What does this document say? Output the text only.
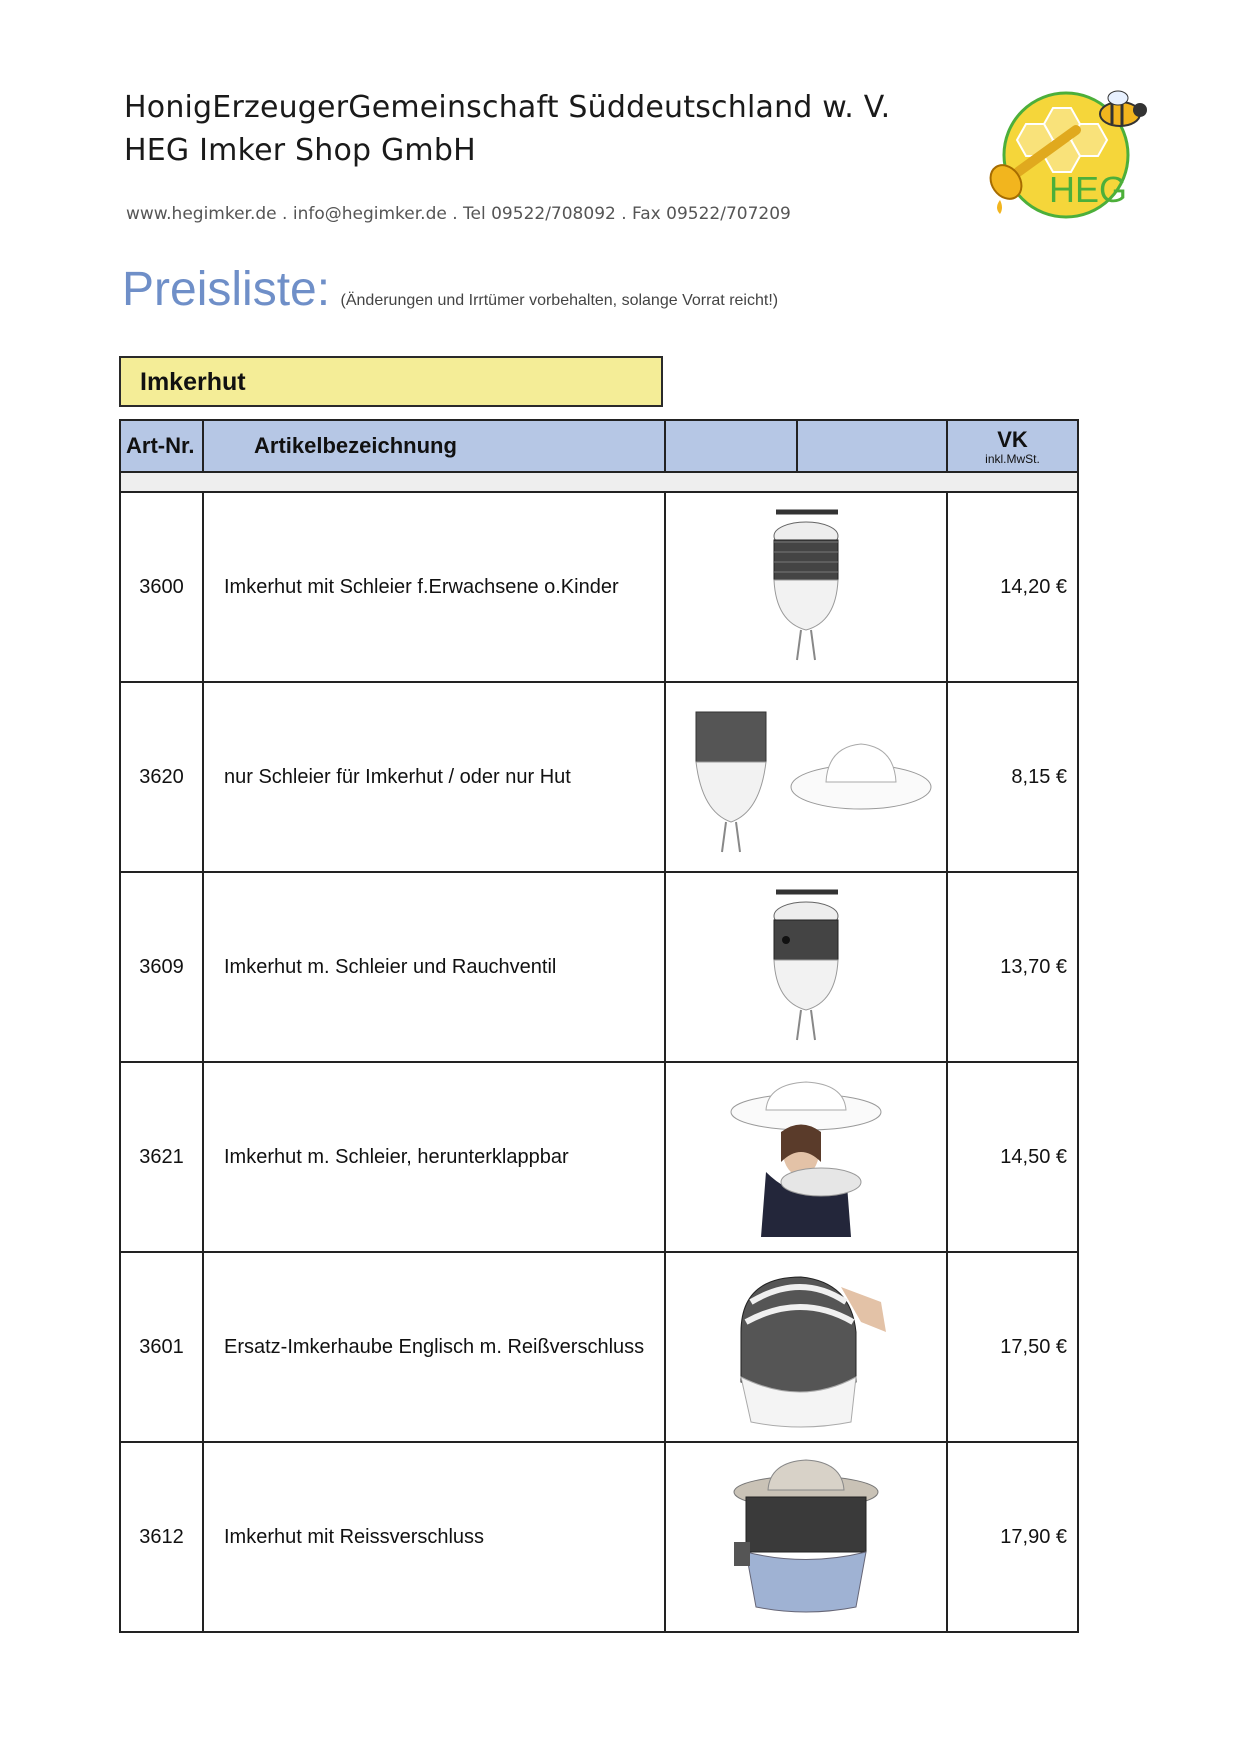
HonigErzeugerGemeinschaft Süddeutschland w. V.
HEG Imker Shop GmbH
www.hegimker.de . info@hegimker.de . Tel 09522/708092 . Fax 09522/707209
HEG
Preisliste: (Änderungen und Irrtümer vorbehalten, solange Vorrat reicht!)
Imkerhut
Art-Nr.	Artikelbezeichnung			VK
inkl.MwSt.

3600	Imkerhut mit Schleier f.Erwachsene o.Kinder			14,20 €
3620	nur Schleier für Imkerhut / oder nur Hut			8,15 €
3609	Imkerhut m. Schleier und Rauchventil			13,70 €
3621	Imkerhut m. Schleier, herunterklappbar			14,50 €
3601	Ersatz-Imkerhaube Englisch m. Reißverschluss			17,50 €
3612	Imkerhut mit Reissverschluss			17,90 €
